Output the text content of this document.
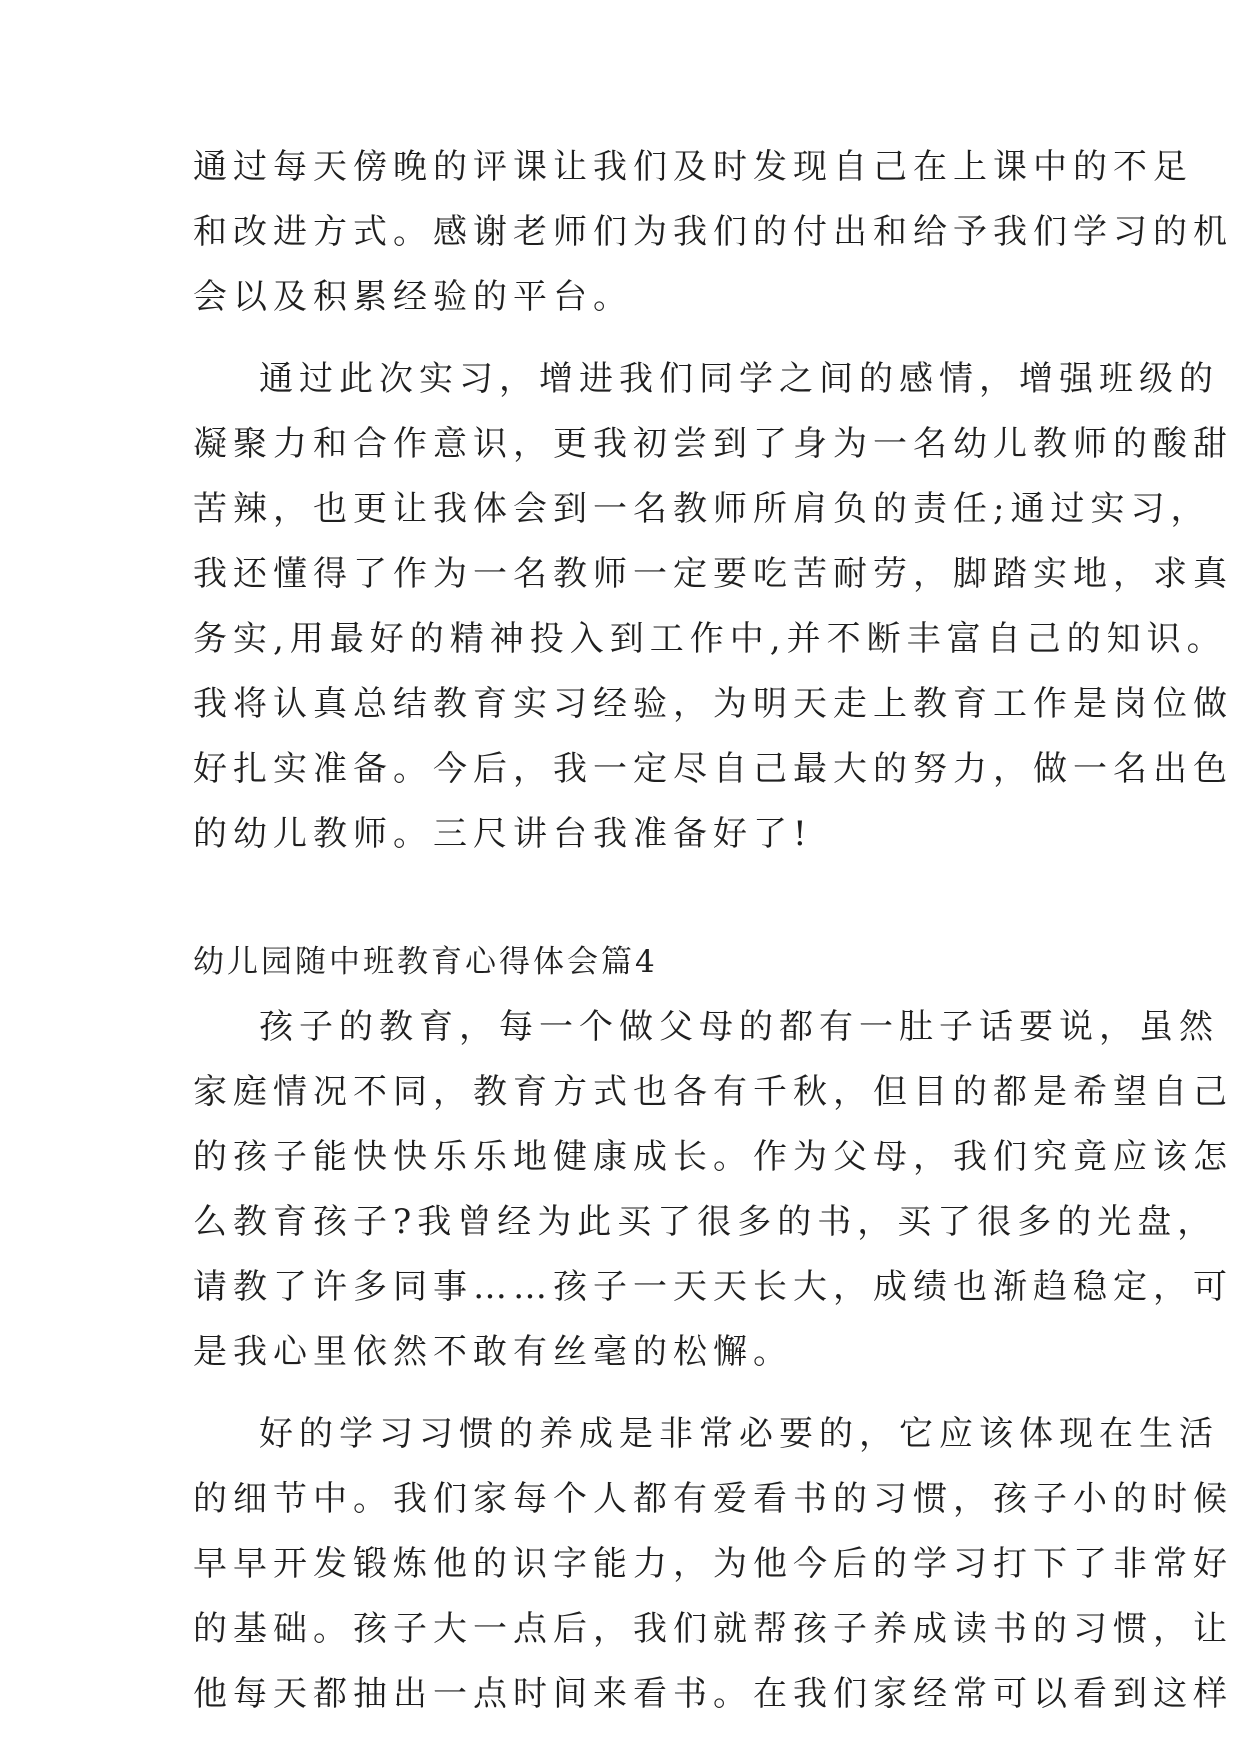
通过每天傍晚的评课让我们及时发现自己在上课中的不足
和改进方式。感谢老师们为我们的付出和给予我们学习的机
会以及积累经验的平台。
通过此次实习，增进我们同学之间的感情，增强班级的
凝聚力和合作意识，更我初尝到了身为一名幼儿教师的酸甜
苦辣，也更让我体会到一名教师所肩负的责任;通过实习，
我还懂得了作为一名教师一定要吃苦耐劳，脚踏实地，求真
务实,用最好的精神投入到工作中,并不断丰富自己的知识。
我将认真总结教育实习经验，为明天走上教育工作是岗位做
好扎实准备。今后，我一定尽自己最大的努力，做一名出色
的幼儿教师。三尺讲台我准备好了!
幼儿园随中班教育心得体会篇4
孩子的教育，每一个做父母的都有一肚子话要说，虽然
家庭情况不同，教育方式也各有千秋，但目的都是希望自己
的孩子能快快乐乐地健康成长。作为父母，我们究竟应该怎
么教育孩子?我曾经为此买了很多的书，买了很多的光盘，
请教了许多同事……孩子一天天长大，成绩也渐趋稳定，可
是我心里依然不敢有丝毫的松懈。
好的学习习惯的养成是非常必要的，它应该体现在生活
的细节中。我们家每个人都有爱看书的习惯，孩子小的时候
早早开发锻炼他的识字能力，为他今后的学习打下了非常好
的基础。孩子大一点后，我们就帮孩子养成读书的习惯，让
他每天都抽出一点时间来看书。在我们家经常可以看到这样
